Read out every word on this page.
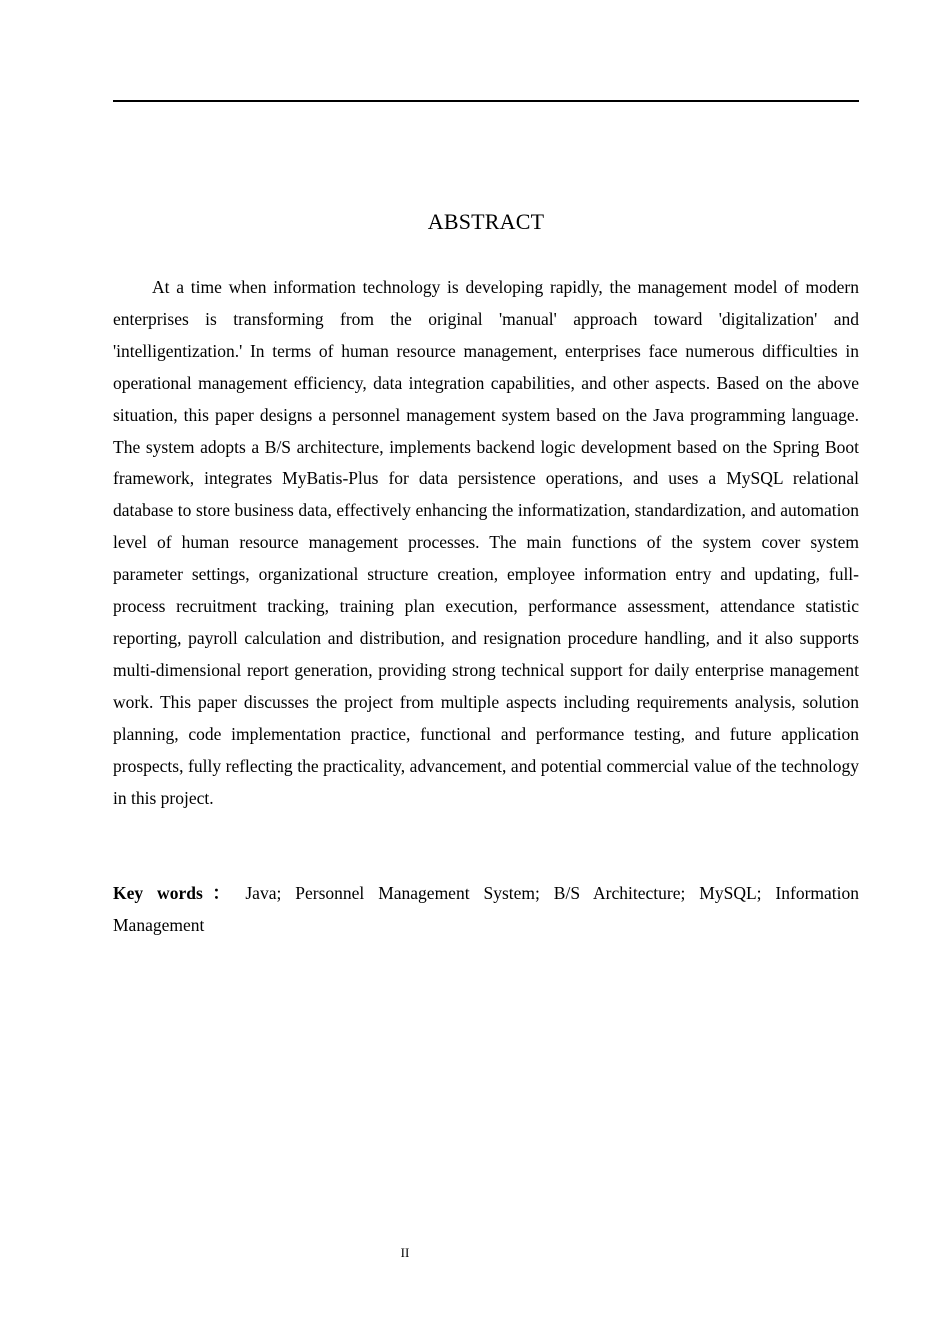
ABSTRACT

At a time when information technology is developing rapidly, the management model of modern enterprises is transforming from the original 'manual' approach toward 'digitalization' and 'intelligentization.' In terms of human resource management, enterprises face numerous difficulties in operational management efficiency, data integration capabilities, and other aspects. Based on the above situation, this paper designs a personnel management system based on the Java programming language. The system adopts a B/S architecture, implements backend logic development based on the Spring Boot framework, integrates MyBatis-Plus for data persistence operations, and uses a MySQL relational database to store business data, effectively enhancing the informatization, standardization, and automation level of human resource management processes. The main functions of the system cover system parameter settings, organizational structure creation, employee information entry and updating, full-process recruitment tracking, training plan execution, performance assessment, attendance statistic reporting, payroll calculation and distribution, and resignation procedure handling, and it also supports multi-dimensional report generation, providing strong technical support for daily enterprise management work. This paper discusses the project from multiple aspects including requirements analysis, solution planning, code implementation practice, functional and performance testing, and future application prospects, fully reflecting the practicality, advancement, and potential commercial value of the technology in this project.

Key words： Java; Personnel Management System; B/S Architecture; MySQL; Information Management

II
